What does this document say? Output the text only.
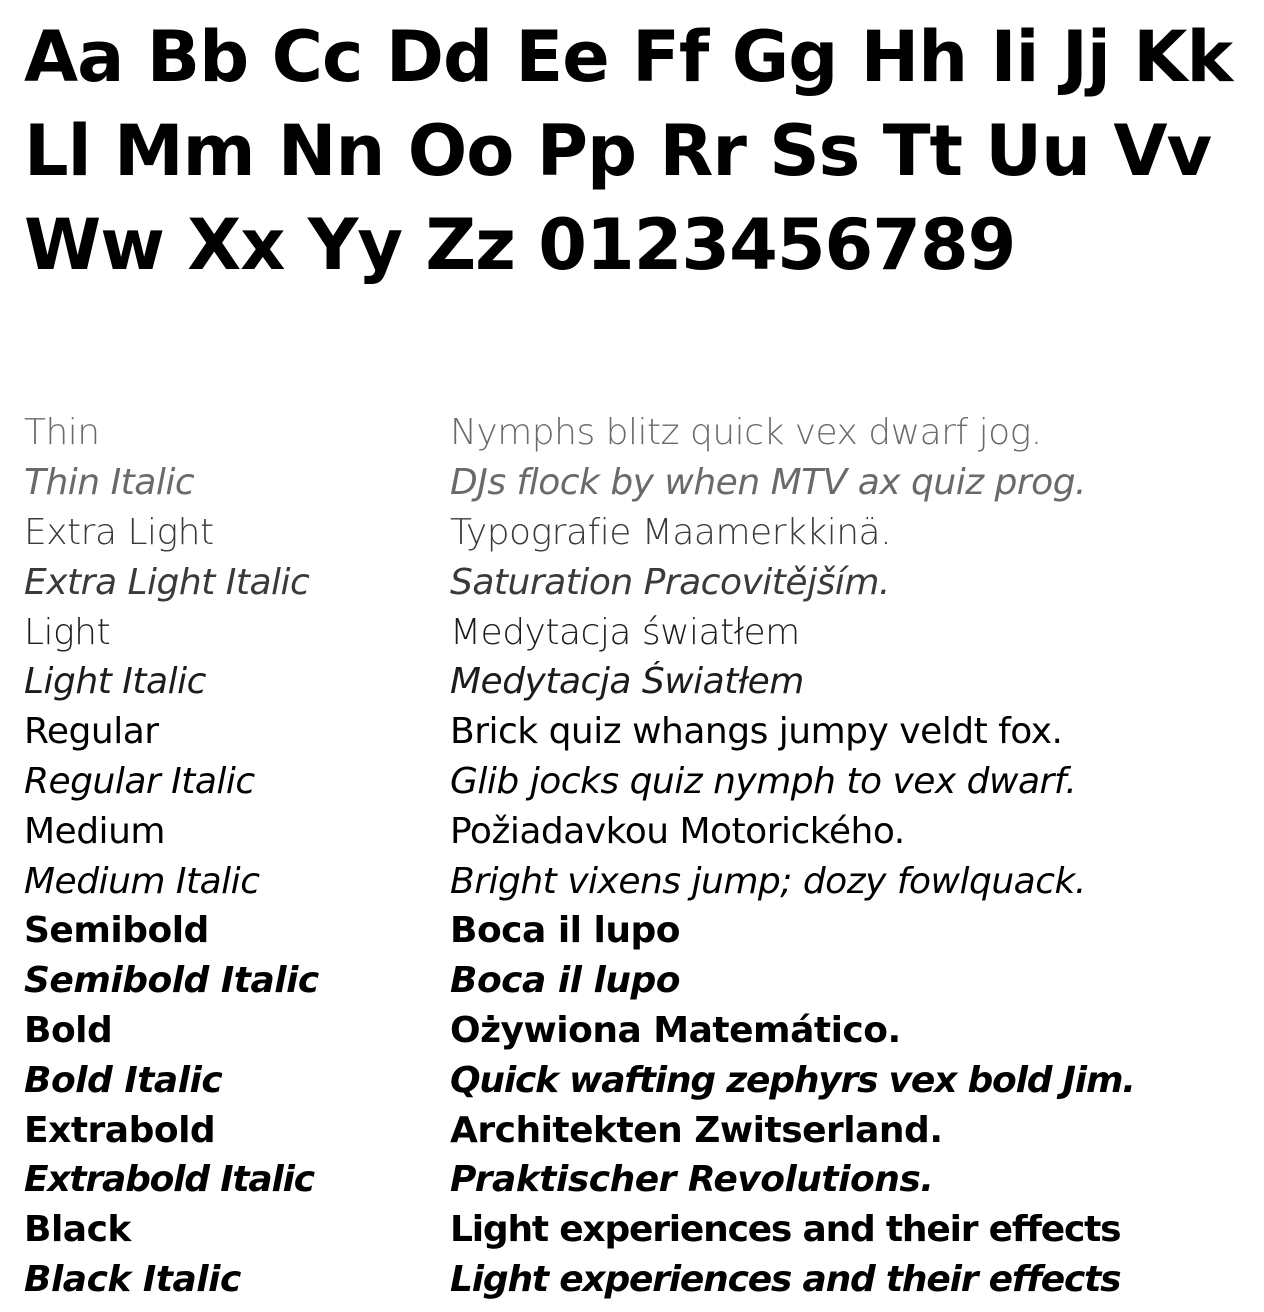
Aa Bb Cc Dd Ee Ff Gg Hh Ii Jj Kk
Ll Mm Nn Oo Pp Rr Ss Tt Uu Vv
Ww Xx Yy Zz 0123456789
Thin	Nymphs blitz quick vex dwarf jog.
Thin Italic	DJs flock by when MTV ax quiz prog.
Extra Light	Typografie Maamerkkinä.
Extra Light Italic	Saturation Pracovitějším.
Light	Medytacja światłem
Light Italic	Medytacja Światłem
Regular	Brick quiz whangs jumpy veldt fox.
Regular Italic	Glib jocks quiz nymph to vex dwarf.
Medium	Požiadavkou Motorického.
Medium Italic	Bright vixens jump; dozy fowlquack.
Semibold	Boca il lupo
Semibold Italic	Boca il lupo
Bold	Ożywiona Matemático.
Bold Italic	Quick wafting zephyrs vex bold Jim.
Extrabold	Architekten Zwitserland.
Extrabold Italic	Praktischer Revolutions.
Black	Light experiences and their effects
Black Italic	Light experiences and their effects
